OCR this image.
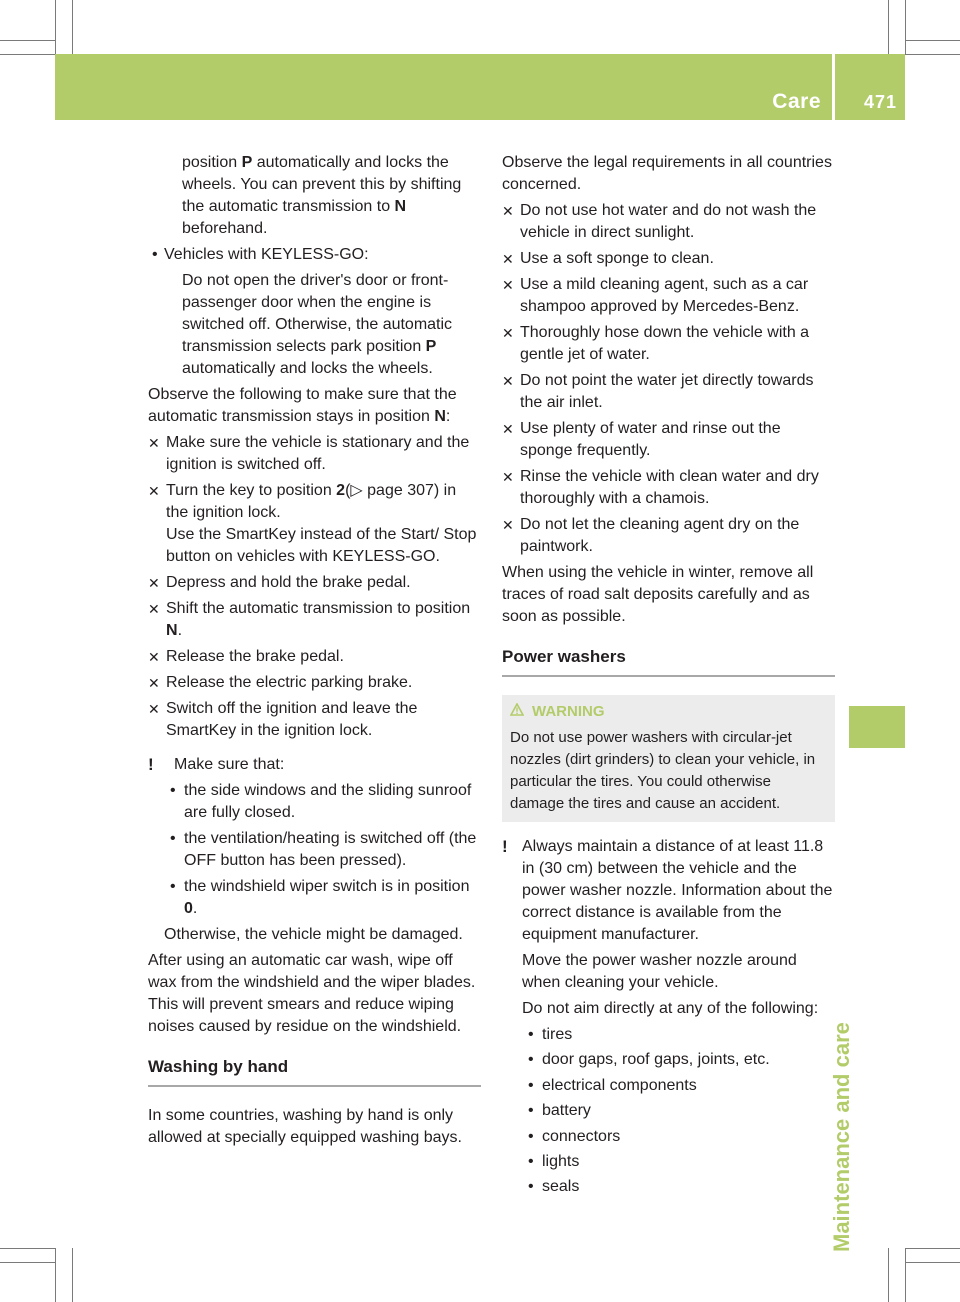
Care 471
Maintenance and care

position P automatically and locks the wheels. You can prevent this by shifting the automatic transmission to N beforehand.

• Vehicles with KEYLESS-GO:

Do not open the driver's door or front-passenger door when the engine is switched off. Otherwise, the automatic transmission selects park position P automatically and locks the wheels.

Observe the following to make sure that the automatic transmission stays in position N:

✕ Make sure the vehicle is stationary and the ignition is switched off.

✕ Turn the key to position 2(▷ page 307) in the ignition lock.
Use the SmartKey instead of the Start/ Stop button on vehicles with KEYLESS-GO.

✕ Depress and hold the brake pedal.

✕ Shift the automatic transmission to position N.

✕ Release the brake pedal.

✕ Release the electric parking brake.

✕ Switch off the ignition and leave the SmartKey in the ignition lock.

! Make sure that:

• the side windows and the sliding sunroof are fully closed.

• the ventilation/heating is switched off (the OFF button has been pressed).

• the windshield wiper switch is in position 0.

Otherwise, the vehicle might be damaged.

After using an automatic car wash, wipe off wax from the windshield and the wiper blades. This will prevent smears and reduce wiping noises caused by residue on the windshield.

Washing by hand

In some countries, washing by hand is only allowed at specially equipped washing bays.

Observe the legal requirements in all countries concerned.

✕ Do not use hot water and do not wash the vehicle in direct sunlight.

✕ Use a soft sponge to clean.

✕ Use a mild cleaning agent, such as a car shampoo approved by Mercedes-Benz.

✕ Thoroughly hose down the vehicle with a gentle jet of water.

✕ Do not point the water jet directly towards the air inlet.

✕ Use plenty of water and rinse out the sponge frequently.

✕ Rinse the vehicle with clean water and dry thoroughly with a chamois.

✕ Do not let the cleaning agent dry on the paintwork.

When using the vehicle in winter, remove all traces of road salt deposits carefully and as soon as possible.

Power washers
WARNING

Do not use power washers with circular-jet nozzles (dirt grinders) to clean your vehicle, in particular the tires. You could otherwise damage the tires and cause an accident.

! Always maintain a distance of at least 11.8 in (30 cm) between the vehicle and the power washer nozzle. Information about the correct distance is available from the equipment manufacturer.

Move the power washer nozzle around when cleaning your vehicle.

Do not aim directly at any of the following:

• tires

• door gaps, roof gaps, joints, etc.

• electrical components

• battery

• connectors

• lights

• seals
